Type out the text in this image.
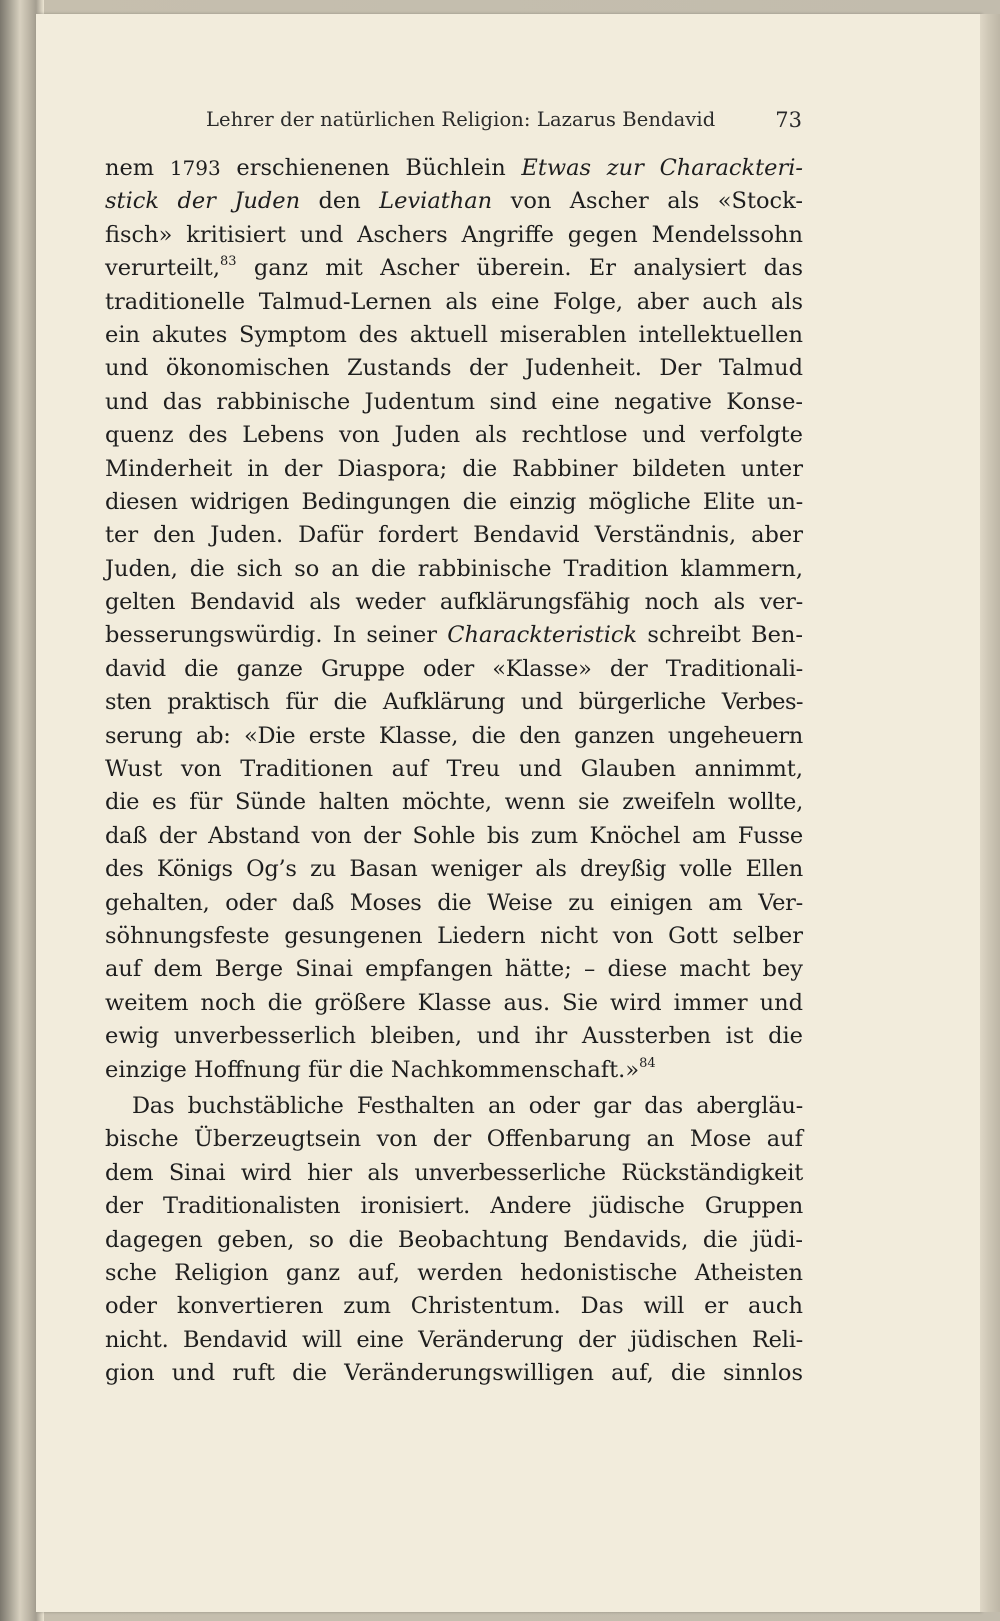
Lehrer der natürlichen Religion: Lazarus Bendavid	73
nem 1793 erschienenen Büchlein Etwas zur Charackteri-
stick der Juden den Leviathan von Ascher als «Stock-
fisch» kritisiert und Aschers Angriffe gegen Mendelssohn
verurteilt,$^{83}$ ganz mit Ascher überein. Er analysiert das
traditionelle Talmud-Lernen als eine Folge, aber auch als
ein akutes Symptom des aktuell miserablen intellektuellen
und ökonomischen Zustands der Judenheit. Der Talmud
und das rabbinische Judentum sind eine negative Konse-
quenz des Lebens von Juden als rechtlose und verfolgte
Minderheit in der Diaspora; die Rabbiner bildeten unter
diesen widrigen Bedingungen die einzig mögliche Elite un-
ter den Juden. Dafür fordert Bendavid Verständnis, aber
Juden, die sich so an die rabbinische Tradition klammern,
gelten Bendavid als weder aufklärungsfähig noch als ver-
besserungswürdig. In seiner Charackteristick schreibt Ben-
david die ganze Gruppe oder «Klasse» der Traditionali-
sten praktisch für die Aufklärung und bürgerliche Verbes-
serung ab: «Die erste Klasse, die den ganzen ungeheuern
Wust von Traditionen auf Treu und Glauben annimmt,
die es für Sünde halten möchte, wenn sie zweifeln wollte,
daß der Abstand von der Sohle bis zum Knöchel am Fusse
des Königs Og’s zu Basan weniger als dreyßig volle Ellen
gehalten, oder daß Moses die Weise zu einigen am Ver-
söhnungsfeste gesungenen Liedern nicht von Gott selber
auf dem Berge Sinai empfangen hätte; – diese macht bey
weitem noch die größere Klasse aus. Sie wird immer und
ewig unverbesserlich bleiben, und ihr Aussterben ist die
einzige Hoffnung für die Nachkommenschaft.»$^{84}$
Das buchstäbliche Festhalten an oder gar das abergläu-
bische Überzeugtsein von der Offenbarung an Mose auf
dem Sinai wird hier als unverbesserliche Rückständigkeit
der Traditionalisten ironisiert. Andere jüdische Gruppen
dagegen geben, so die Beobachtung Bendavids, die jüdi-
sche Religion ganz auf, werden hedonistische Atheisten
oder konvertieren zum Christentum. Das will er auch
nicht. Bendavid will eine Veränderung der jüdischen Reli-
gion und ruft die Veränderungswilligen auf, die sinnlos
